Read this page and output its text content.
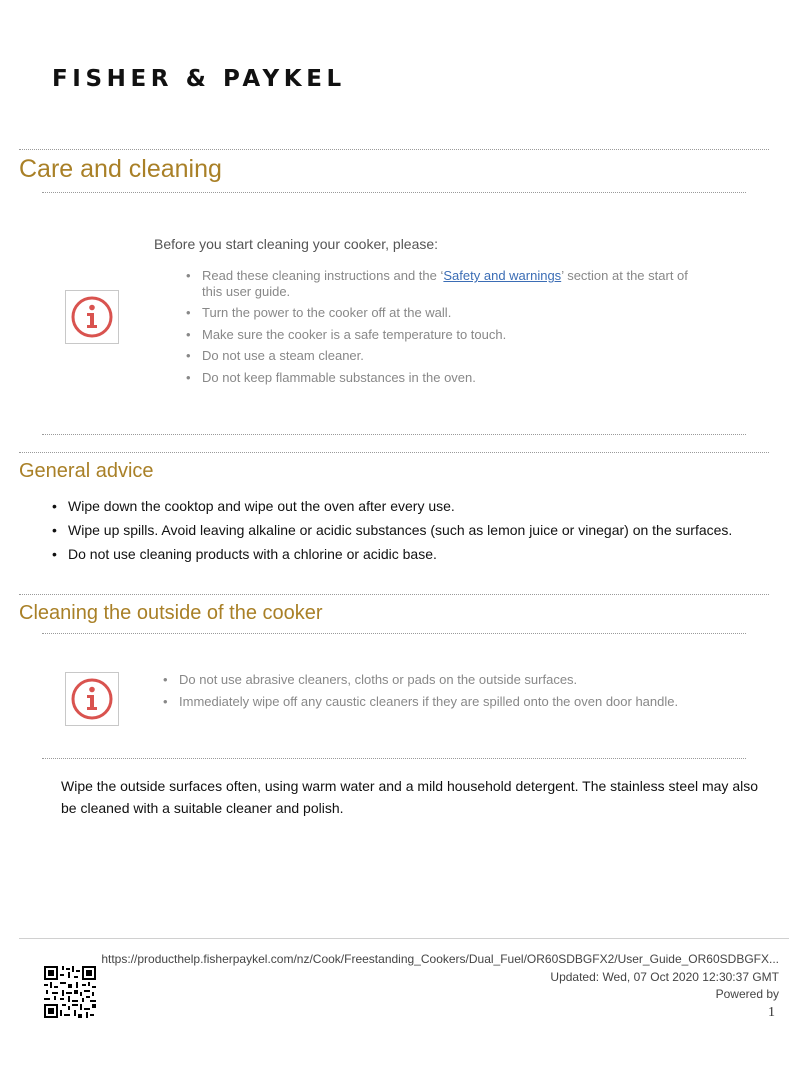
FISHER & PAYKEL
Care and cleaning
Before you start cleaning your cooker, please:
• Read these cleaning instructions and the ‘Safety and warnings’ section at the start of this user guide.
• Turn the power to the cooker off at the wall.
• Make sure the cooker is a safe temperature to touch.
• Do not use a steam cleaner.
• Do not keep flammable substances in the oven.
General advice
• Wipe down the cooktop and wipe out the oven after every use.
• Wipe up spills. Avoid leaving alkaline or acidic substances (such as lemon juice or vinegar) on the surfaces.
• Do not use cleaning products with a chlorine or acidic base.
Cleaning the outside of the cooker
• Do not use abrasive cleaners, cloths or pads on the outside surfaces.
• Immediately wipe off any caustic cleaners if they are spilled onto the oven door handle.
Wipe the outside surfaces often, using warm water and a mild household detergent. The stainless steel may also be cleaned with a suitable cleaner and polish.
https://producthelp.fisherpaykel.com/nz/Cook/Freestanding_Cookers/Dual_Fuel/OR60SDBGFX2/User_Guide_OR60SDBGFX...
Updated: Wed, 07 Oct 2020 12:30:37 GMT
Powered by
1
